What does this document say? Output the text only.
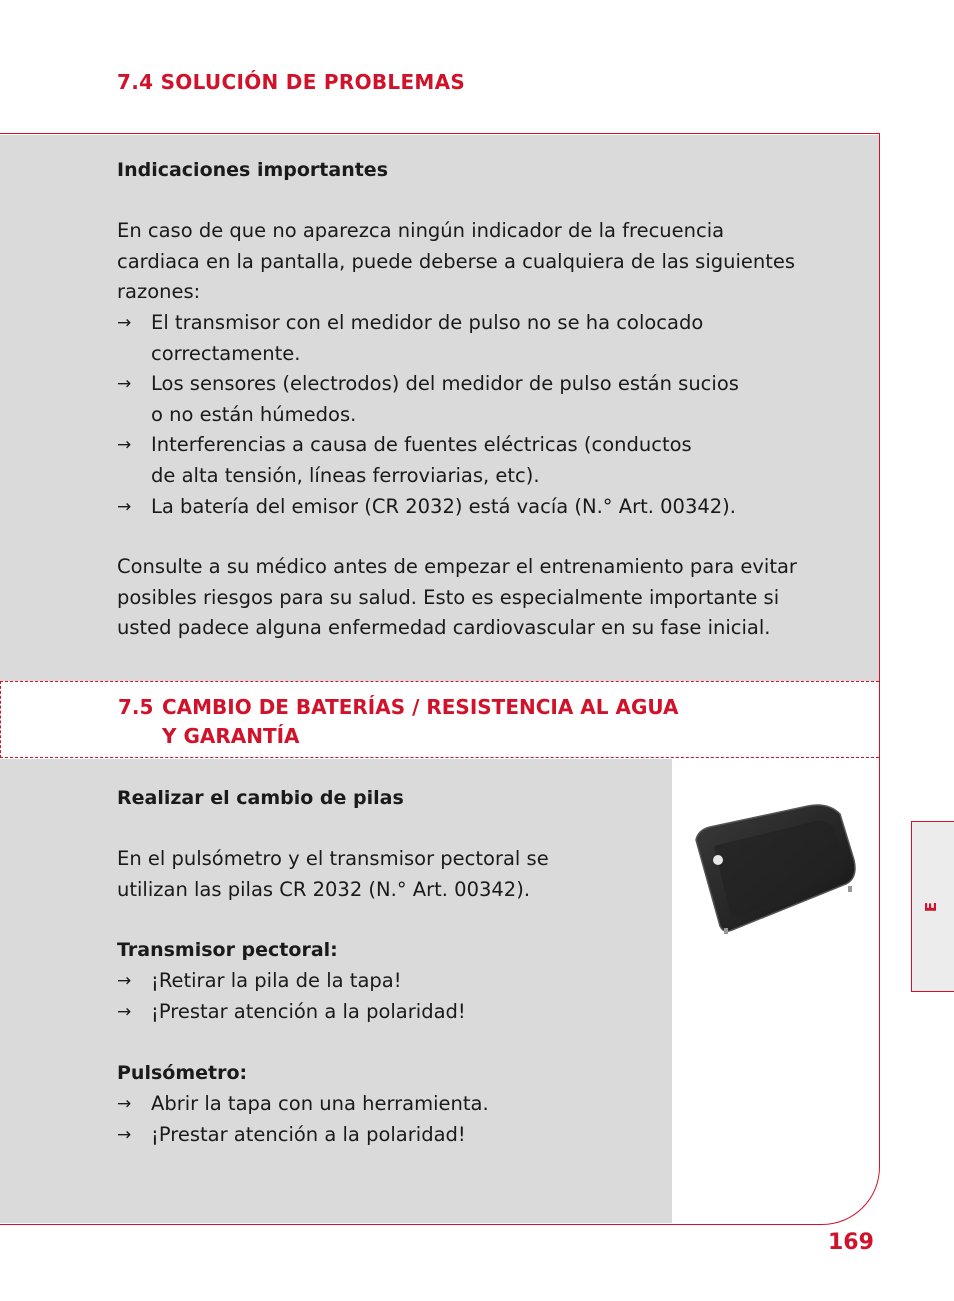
7.4 SOLUCIÓN DE PROBLEMAS
Indicaciones importantes

En caso de que no aparezca ningún indicador de la frecuencia cardiaca en la pantalla, puede deberse a cualquiera de las siguientes razones:

→ El transmisor con el medidor de pulso no se ha colocado correctamente.
→ Los sensores (electrodos) del medidor de pulso están sucios o no están húmedos.
→ Interferencias a causa de fuentes eléctricas (conductos de alta tensión, líneas ferroviarias, etc).
→ La batería del emisor (CR 2032) está vacía (N.° Art. 00342).

Consulte a su médico antes de empezar el entrenamiento para evitar posibles riesgos para su salud. Esto es especialmente importante si usted padece alguna enfermedad cardiovascular en su fase inicial.

7.5 CAMBIO DE BATERÍAS / RESISTENCIA AL AGUA
Y GARANTÍA
Realizar el cambio de pilas

En el pulsómetro y el transmisor pectoral se utilizan las pilas CR 2032 (N.° Art. 00342).

Transmisor pectoral:
→ ¡Retirar la pila de la tapa!
→ ¡Prestar atención a la polaridad!
Pulsómetro:
→ Abrir la tapa con una herramienta.
→ ¡Prestar atención a la polaridad!
E
169
